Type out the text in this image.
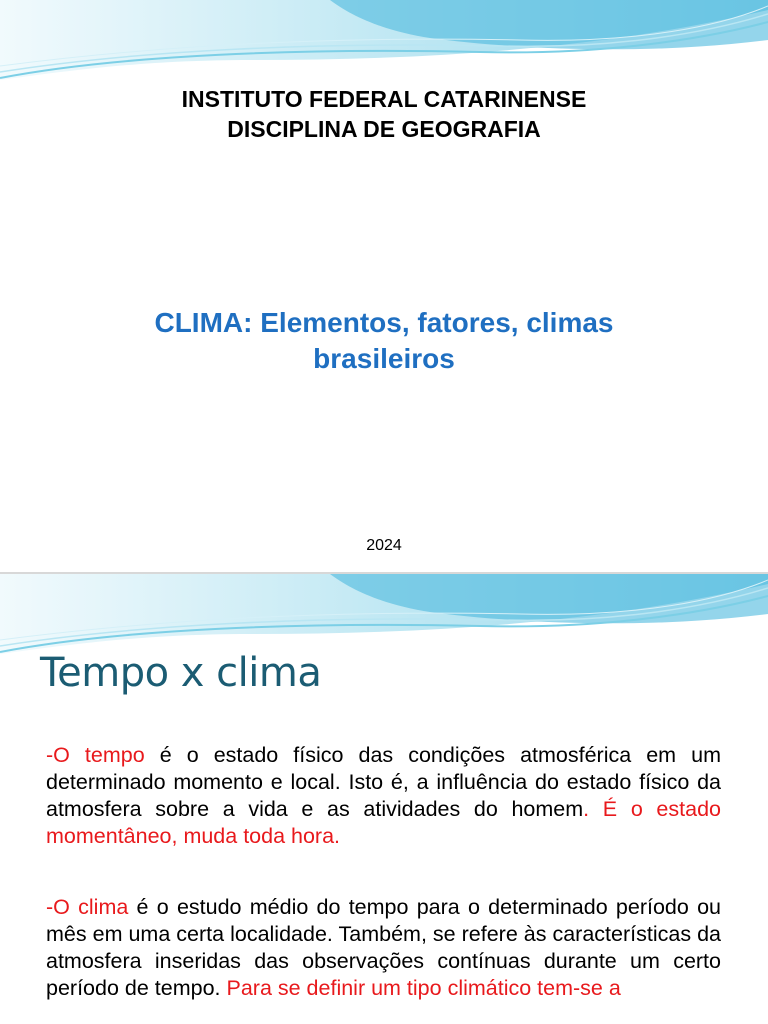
INSTITUTO FEDERAL CATARINENSE
DISCIPLINA DE GEOGRAFIA
CLIMA: Elementos, fatores, climas
brasileiros
2024
Tempo x clima
-O tempo é o estado físico das condições atmosférica em um determinado momento e local. Isto é, a influência do estado físico da atmosfera sobre a vida e as atividades do homem. É o estado momentâneo, muda toda hora.
-O clima é o estudo médio do tempo para o determinado período ou mês em uma certa localidade. Também, se refere às características da atmosfera inseridas das observações contínuas durante um certo período de tempo. Para se definir um tipo climático tem-se a
